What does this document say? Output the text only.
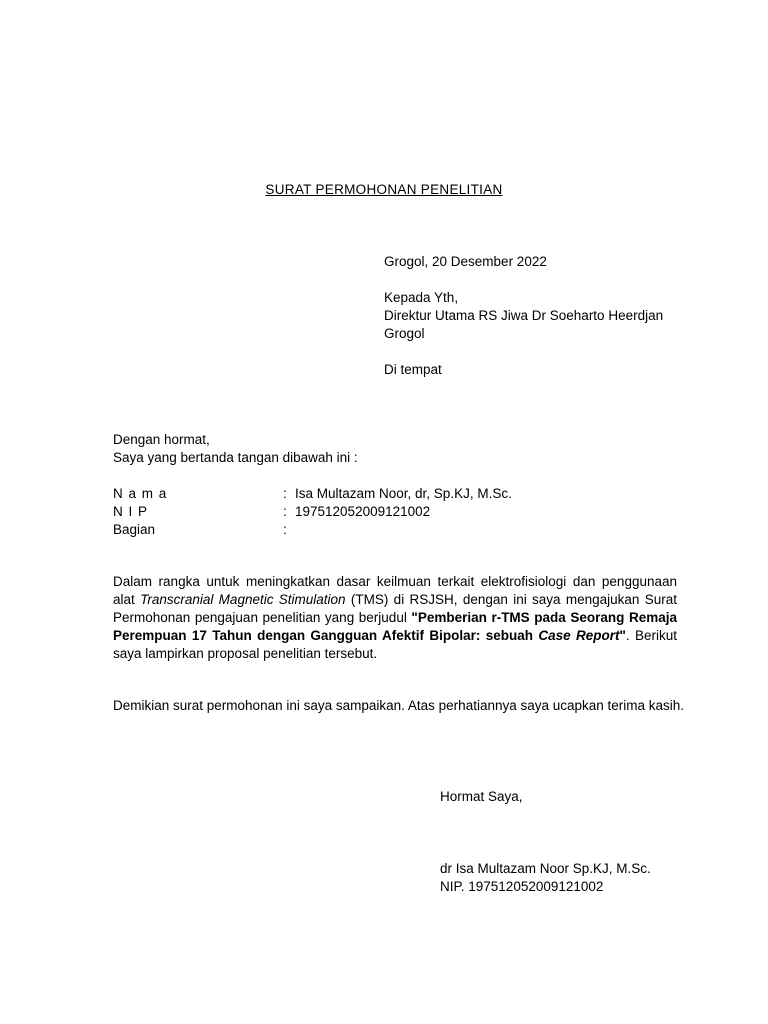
SURAT PERMOHONAN PENELITIAN
Grogol, 20 Desember 2022
Kepada Yth,
Direktur Utama RS Jiwa Dr Soeharto Heerdjan
Grogol
Di tempat
Dengan hormat,
Saya yang bertanda tangan dibawah ini :
N a m a	: Isa Multazam Noor, dr, Sp.KJ, M.Sc.
N I P	: 197512052009121002
Bagian	:
Dalam rangka untuk meningkatkan dasar keilmuan terkait elektrofisiologi dan penggunaan alat Transcranial Magnetic Stimulation (TMS) di RSJSH, dengan ini saya mengajukan Surat Permohonan pengajuan penelitian yang berjudul "Pemberian r-TMS pada Seorang Remaja Perempuan 17 Tahun dengan Gangguan Afektif Bipolar: sebuah Case Report". Berikut saya lampirkan proposal penelitian tersebut.
Demikian surat permohonan ini saya sampaikan. Atas perhatiannya saya ucapkan terima kasih.
Hormat Saya,
dr Isa Multazam Noor Sp.KJ, M.Sc.
NIP. 197512052009121002
